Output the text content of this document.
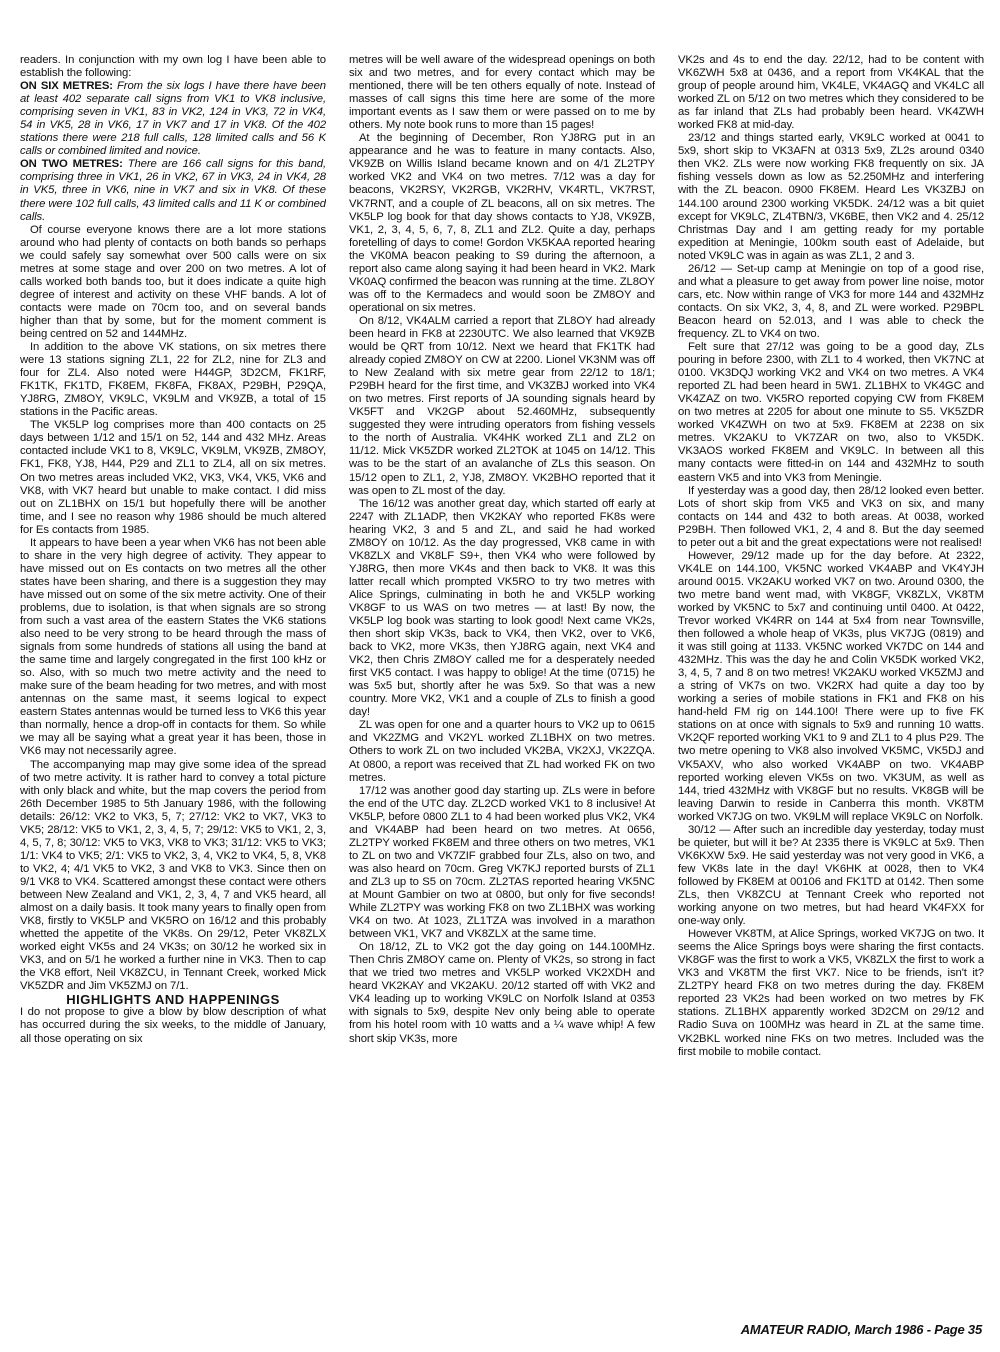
readers. In conjunction with my own log I have been able to establish the following:

ON SIX METRES: From the six logs I have there have been at least 402 separate call signs from VK1 to VK8 inclusive, comprising seven in VK1, 83 in VK2, 124 in VK3, 72 in VK4, 54 in VK5, 28 in VK6, 17 in VK7 and 17 in VK8. Of the 402 stations there were 218 full calls, 128 limited calls and 56 K calls or combined limited and novice.

ON TWO METRES: There are 166 call signs for this band, comprising three in VK1, 26 in VK2, 67 in VK3, 24 in VK4, 28 in VK5, three in VK6, nine in VK7 and six in VK8. Of these there were 102 full calls, 43 limited calls and 11 K or combined calls.

Of course everyone knows there are a lot more stations around who had plenty of contacts on both bands so perhaps we could safely say somewhat over 500 calls were on six metres at some stage and over 200 on two metres. A lot of calls worked both bands too, but it does indicate a quite high degree of interest and activity on these VHF bands. A lot of contacts were made on 70cm too, and on several bands higher than that by some, but for the moment comment is being centred on 52 and 144MHz.

In addition to the above VK stations, on six metres there were 13 stations signing ZL1, 22 for ZL2, nine for ZL3 and four for ZL4. Also noted were H44GP, 3D2CM, FK1RF, FK1TK, FK1TD, FK8EM, FK8FA, FK8AX, P29BH, P29QA, YJ8RG, ZM8OY, VK9LC, VK9LM and VK9ZB, a total of 15 stations in the Pacific areas.

The VK5LP log comprises more than 400 contacts on 25 days between 1/12 and 15/1 on 52, 144 and 432 MHz. Areas contacted include VK1 to 8, VK9LC, VK9LM, VK9ZB, ZM8OY, FK1, FK8, YJ8, H44, P29 and ZL1 to ZL4, all on six metres. On two metres areas included VK2, VK3, VK4, VK5, VK6 and VK8, with VK7 heard but unable to make contact. I did miss out on ZL1BHX on 15/1 but hopefully there will be another time, and I see no reason why 1986 should be much altered for Es contacts from 1985.

It appears to have been a year when VK6 has not been able to share in the very high degree of activity. They appear to have missed out on Es contacts on two metres all the other states have been sharing, and there is a suggestion they may have missed out on some of the six metre activity. One of their problems, due to isolation, is that when signals are so strong from such a vast area of the eastern States the VK6 stations also need to be very strong to be heard through the mass of signals from some hundreds of stations all using the band at the same time and largely congregated in the first 100 kHz or so. Also, with so much two metre activity and the need to make sure of the beam heading for two metres, and with most antennas on the same mast, it seems logical to expect eastern States antennas would be turned less to VK6 this year than normally, hence a drop-off in contacts for them. So while we may all be saying what a great year it has been, those in VK6 may not necessarily agree.

The accompanying map may give some idea of the spread of two metre activity. It is rather hard to convey a total picture with only black and white, but the map covers the period from 26th December 1985 to 5th January 1986, with the following details: 26/12: VK2 to VK3, 5, 7; 27/12: VK2 to VK7, VK3 to VK5; 28/12: VK5 to VK1, 2, 3, 4, 5, 7; 29/12: VK5 to VK1, 2, 3, 4, 5, 7, 8; 30/12: VK5 to VK3, VK8 to VK3; 31/12: VK5 to VK3; 1/1: VK4 to VK5; 2/1: VK5 to VK2, 3, 4, VK2 to VK4, 5, 8, VK8 to VK2, 4; 4/1 VK5 to VK2, 3 and VK8 to VK3. Since then on 9/1 VK8 to VK4. Scattered amongst these contact were others between New Zealand and VK1, 2, 3, 4, 7 and VK5 heard, all almost on a daily basis. It took many years to finally open from VK8, firstly to VK5LP and VK5RO on 16/12 and this probably whetted the appetite of the VK8s. On 29/12, Peter VK8ZLX worked eight VK5s and 24 VK3s; on 30/12 he worked six in VK3, and on 5/1 he worked a further nine in VK3. Then to cap the VK8 effort, Neil VK8ZCU, in Tennant Creek, worked Mick VK5ZDR and Jim VK5ZMJ on 7/1.

HIGHLIGHTS AND HAPPENINGS

I do not propose to give a blow by blow description of what has occurred during the six weeks, to the middle of January, all those operating on six

metres will be well aware of the widespread openings on both six and two metres, and for every contact which may be mentioned, there will be ten others equally of note. Instead of masses of call signs this time here are some of the more important events as I saw them or were passed on to me by others. My note book runs to more than 15 pages!

At the beginning of December, Ron YJ8RG put in an appearance and he was to feature in many contacts. Also, VK9ZB on Willis Island became known and on 4/1 ZL2TPY worked VK2 and VK4 on two metres. 7/12 was a day for beacons, VK2RSY, VK2RGB, VK2RHV, VK4RTL, VK7RST, VK7RNT, and a couple of ZL beacons, all on six metres. The VK5LP log book for that day shows contacts to YJ8, VK9ZB, VK1, 2, 3, 4, 5, 6, 7, 8, ZL1 and ZL2. Quite a day, perhaps foretelling of days to come! Gordon VK5KAA reported hearing the VK0MA beacon peaking to S9 during the afternoon, a report also came along saying it had been heard in VK2. Mark VK0AQ confirmed the beacon was running at the time. ZL8OY was off to the Kermadecs and would soon be ZM8OY and operational on six metres.

On 8/12, VK4ALM carried a report that ZL8OY had already been heard in FK8 at 2230UTC. We also learned that VK9ZB would be QRT from 10/12. Next we heard that FK1TK had already copied ZM8OY on CW at 2200. Lionel VK3NM was off to New Zealand with six metre gear from 22/12 to 18/1; P29BH heard for the first time, and VK3ZBJ worked into VK4 on two metres. First reports of JA sounding signals heard by VK5FT and VK2GP about 52.460MHz, subsequently suggested they were intruding operators from fishing vessels to the north of Australia. VK4HK worked ZL1 and ZL2 on 11/12. Mick VK5ZDR worked ZL2TOK at 1045 on 14/12. This was to be the start of an avalanche of ZLs this season. On 15/12 open to ZL1, 2, YJ8, ZM8OY. VK2BHO reported that it was open to ZL most of the day.

The 16/12 was another great day, which started off early at 2247 with ZL1ADP, then VK2KAY who reported FK8s were hearing VK2, 3 and 5 and ZL, and said he had worked ZM8OY on 10/12. As the day progressed, VK8 came in with VK8ZLX and VK8LF S9+, then VK4 who were followed by YJ8RG, then more VK4s and then back to VK8. It was this latter recall which prompted VK5RO to try two metres with Alice Springs, culminating in both he and VK5LP working VK8GF to us WAS on two metres — at last! By now, the VK5LP log book was starting to look good! Next came VK2s, then short skip VK3s, back to VK4, then VK2, over to VK6, back to VK2, more VK3s, then YJ8RG again, next VK4 and VK2, then Chris ZM8OY called me for a desperately needed first VK5 contact. I was happy to oblige! At the time (0715) he was 5x5 but, shortly after he was 5x9. So that was a new country. More VK2, VK1 and a couple of ZLs to finish a good day!

ZL was open for one and a quarter hours to VK2 up to 0615 and VK2ZMG and VK2YL worked ZL1BHX on two metres. Others to work ZL on two included VK2BA, VK2XJ, VK2ZQA. At 0800, a report was received that ZL had worked FK on two metres.

17/12 was another good day starting up. ZLs were in before the end of the UTC day. ZL2CD worked VK1 to 8 inclusive! At VK5LP, before 0800 ZL1 to 4 had been worked plus VK2, VK4 and VK4ABP had been heard on two metres. At 0656, ZL2TPY worked FK8EM and three others on two metres, VK1 to ZL on two and VK7ZIF grabbed four ZLs, also on two, and was also heard on 70cm. Greg VK7KJ reported bursts of ZL1 and ZL3 up to S5 on 70cm. ZL2TAS reported hearing VK5NC at Mount Gambier on two at 0800, but only for five seconds! While ZL2TPY was working FK8 on two ZL1BHX was working VK4 on two. At 1023, ZL1TZA was involved in a marathon between VK1, VK7 and VK8ZLX at the same time.

On 18/12, ZL to VK2 got the day going on 144.100MHz. Then Chris ZM8OY came on. Plenty of VK2s, so strong in fact that we tried two metres and VK5LP worked VK2XDH and heard VK2KAY and VK2AKU. 20/12 started off with VK2 and VK4 leading up to working VK9LC on Norfolk Island at 0353 with signals to 5x9, despite Nev only being able to operate from his hotel room with 10 watts and a ¼ wave whip! A few short skip VK3s, more

VK2s and 4s to end the day. 22/12, had to be content with VK6ZWH 5x8 at 0436, and a report from VK4KAL that the group of people around him, VK4LE, VK4AGQ and VK4LC all worked ZL on 5/12 on two metres which they considered to be as far inland that ZLs had probably been heard. VK4ZWH worked FK8 at mid-day.

23/12 and things started early, VK9LC worked at 0041 to 5x9, short skip to VK3AFN at 0313 5x9, ZL2s around 0340 then VK2. ZLs were now working FK8 frequently on six. JA fishing vessels down as low as 52.250MHz and interfering with the ZL beacon. 0900 FK8EM. Heard Les VK3ZBJ on 144.100 around 2300 working VK5DK. 24/12 was a bit quiet except for VK9LC, ZL4TBN/3, VK6BE, then VK2 and 4. 25/12 Christmas Day and I am getting ready for my portable expedition at Meningie, 100km south east of Adelaide, but noted VK9LC was in again as was ZL1, 2 and 3.

26/12 — Set-up camp at Meningie on top of a good rise, and what a pleasure to get away from power line noise, motor cars, etc. Now within range of VK3 for more 144 and 432MHz contacts. On six VK2, 3, 4, 8, and ZL were worked. P29BPL Beacon heard on 52.013, and I was able to check the frequency. ZL to VK4 on two.

Felt sure that 27/12 was going to be a good day, ZLs pouring in before 2300, with ZL1 to 4 worked, then VK7NC at 0100. VK3DQJ working VK2 and VK4 on two metres. A VK4 reported ZL had been heard in 5W1. ZL1BHX to VK4GC and VK4ZAZ on two. VK5RO reported copying CW from FK8EM on two metres at 2205 for about one minute to S5. VK5ZDR worked VK4ZWH on two at 5x9. FK8EM at 2238 on six metres. VK2AKU to VK7ZAR on two, also to VK5DK. VK3AOS worked FK8EM and VK9LC. In between all this many contacts were fitted-in on 144 and 432MHz to south eastern VK5 and into VK3 from Meningie.

If yesterday was a good day, then 28/12 looked even better. Lots of short skip from VK5 and VK3 on six, and many contacts on 144 and 432 to both areas. At 0038, worked P29BH. Then followed VK1, 2, 4 and 8. But the day seemed to peter out a bit and the great expectations were not realised!

However, 29/12 made up for the day before. At 2322, VK4LE on 144.100, VK5NC worked VK4ABP and VK4YJH around 0015. VK2AKU worked VK7 on two. Around 0300, the two metre band went mad, with VK8GF, VK8ZLX, VK8TM worked by VK5NC to 5x7 and continuing until 0400. At 0422, Trevor worked VK4RR on 144 at 5x4 from near Townsville, then followed a whole heap of VK3s, plus VK7JG (0819) and it was still going at 1133. VK5NC worked VK7DC on 144 and 432MHz. This was the day he and Colin VK5DK worked VK2, 3, 4, 5, 7 and 8 on two metres! VK2AKU worked VK5ZMJ and a string of VK7s on two. VK2RX had quite a day too by working a series of mobile stations in FK1 and FK8 on his hand-held FM rig on 144.100! There were up to five FK stations on at once with signals to 5x9 and running 10 watts. VK2QF reported working VK1 to 9 and ZL1 to 4 plus P29. The two metre opening to VK8 also involved VK5MC, VK5DJ and VK5AXV, who also worked VK4ABP on two. VK4ABP reported working eleven VK5s on two. VK3UM, as well as 144, tried 432MHz with VK8GF but no results. VK8GB will be leaving Darwin to reside in Canberra this month. VK8TM worked VK7JG on two. VK9LM will replace VK9LC on Norfolk.

30/12 — After such an incredible day yesterday, today must be quieter, but will it be? At 2335 there is VK9LC at 5x9. Then VK6KXW 5x9. He said yesterday was not very good in VK6, a few VK8s late in the day! VK6HK at 0028, then to VK4 followed by FK8EM at 00106 and FK1TD at 0142. Then some ZLs, then VK8ZCU at Tennant Creek who reported not working anyone on two metres, but had heard VK4FXX for one-way only.

However VK8TM, at Alice Springs, worked VK7JG on two. It seems the Alice Springs boys were sharing the first contacts. VK8GF was the first to work a VK5, VK8ZLX the first to work a VK3 and VK8TM the first VK7. Nice to be friends, isn't it? ZL2TPY heard FK8 on two metres during the day. FK8EM reported 23 VK2s had been worked on two metres by FK stations. ZL1BHX apparently worked 3D2CM on 29/12 and Radio Suva on 100MHz was heard in ZL at the same time. VK2BKL worked nine FKs on two metres. Included was the first mobile to mobile contact.

AMATEUR RADIO, March 1986 - Page 35
